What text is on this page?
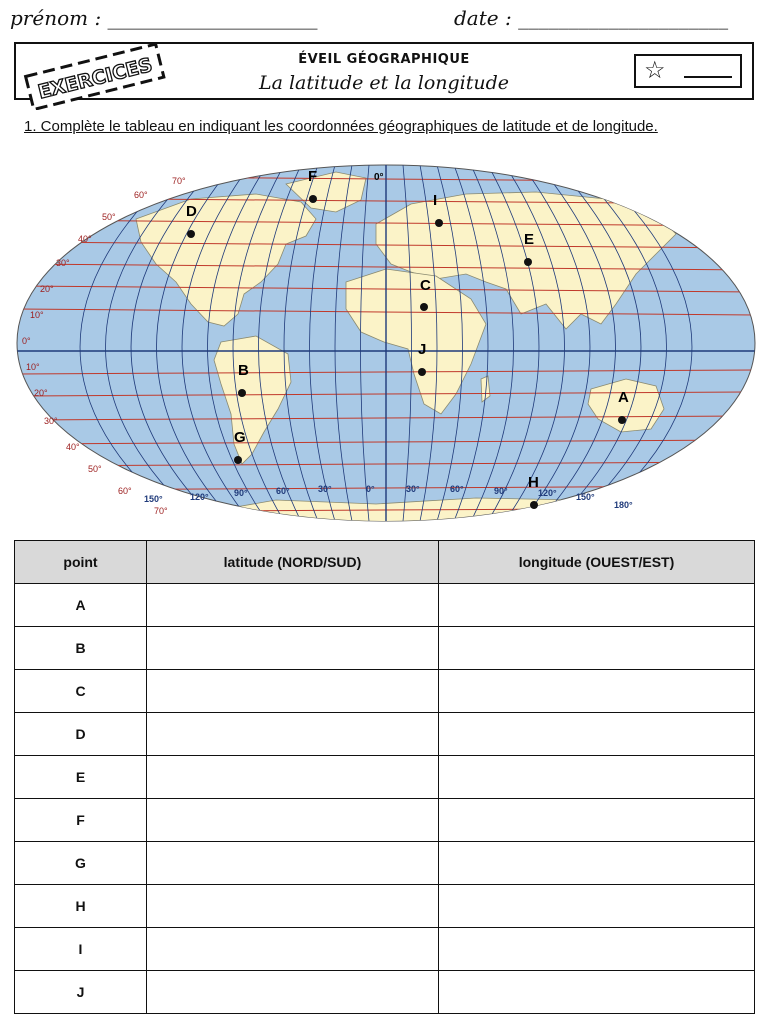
prénom : _____________________	date : _____________________
ÉVEIL GÉOGRAPHIQUE
La latitude et la longitude	☆
EXERCICES
1. Complète le tableau en indiquant les coordonnées géographiques de latitude et de longitude.
70°
60°
50°
40°
30°
20°
10°
0°
10°
20°
30°
40°
50°
60°
70°
150°	120°	90°	60°	30°	0°	30°	60°	90°	120° 150°
180°
0°
A
B
C
D
E
F
G
H
I
J
point	latitude (NORD/SUD)	longitude (OUEST/EST)
A		
B		
C		
D		
E		
F		
G		
H		
I		
J		
